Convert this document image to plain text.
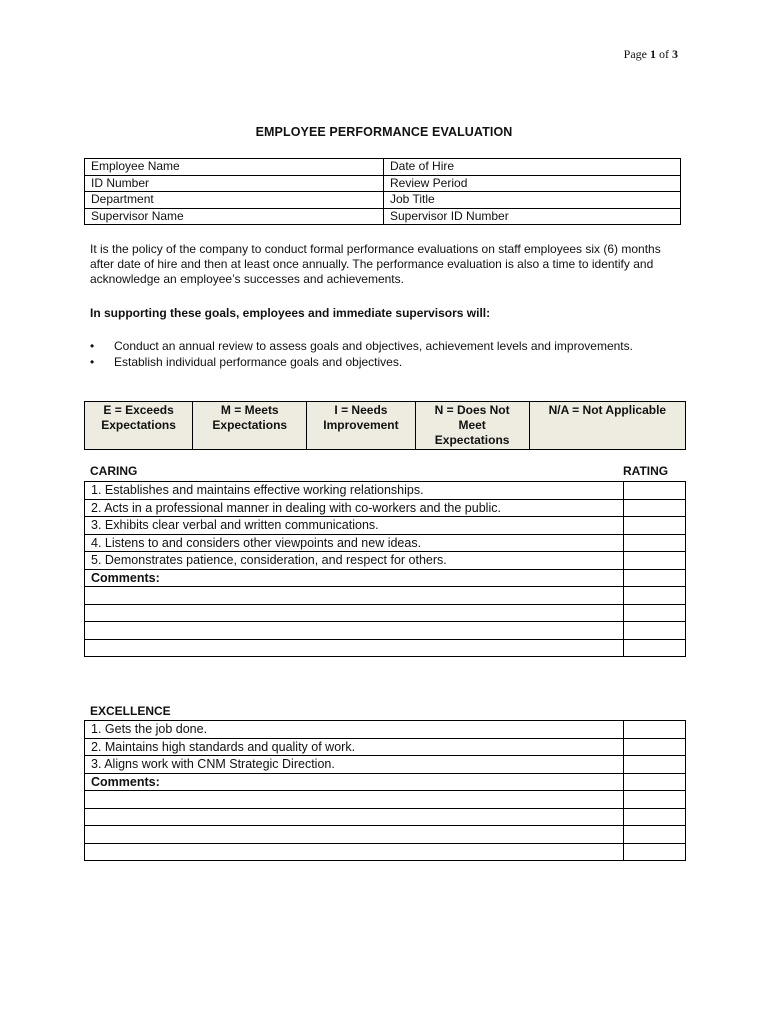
Page 1 of 3
EMPLOYEE PERFORMANCE EVALUATION
Employee Name	Date of Hire
ID Number	Review Period
Department	Job Title
Supervisor Name	Supervisor ID Number
It is the policy of the company to conduct formal performance evaluations on staff employees six (6) months after date of hire and then at least once annually. The performance evaluation is also a time to identify and acknowledge an employee’s successes and achievements.
In supporting these goals, employees and immediate supervisors will:
• Conduct an annual review to assess goals and objectives, achievement levels and improvements.
• Establish individual performance goals and objectives.
E = Exceeds Expectations	M = Meets Expectations	I = Needs Improvement	N = Does Not Meet Expectations	N/A = Not Applicable
CARING	RATING
1. Establishes and maintains effective working relationships.	
2. Acts in a professional manner in dealing with co-workers and the public.	
3. Exhibits clear verbal and written communications.	
4. Listens to and considers other viewpoints and new ideas.	
5. Demonstrates patience, consideration, and respect for others.	
Comments:	

EXCELLENCE
1. Gets the job done.	
2. Maintains high standards and quality of work.	
3. Aligns work with CNM Strategic Direction.	
Comments:	
